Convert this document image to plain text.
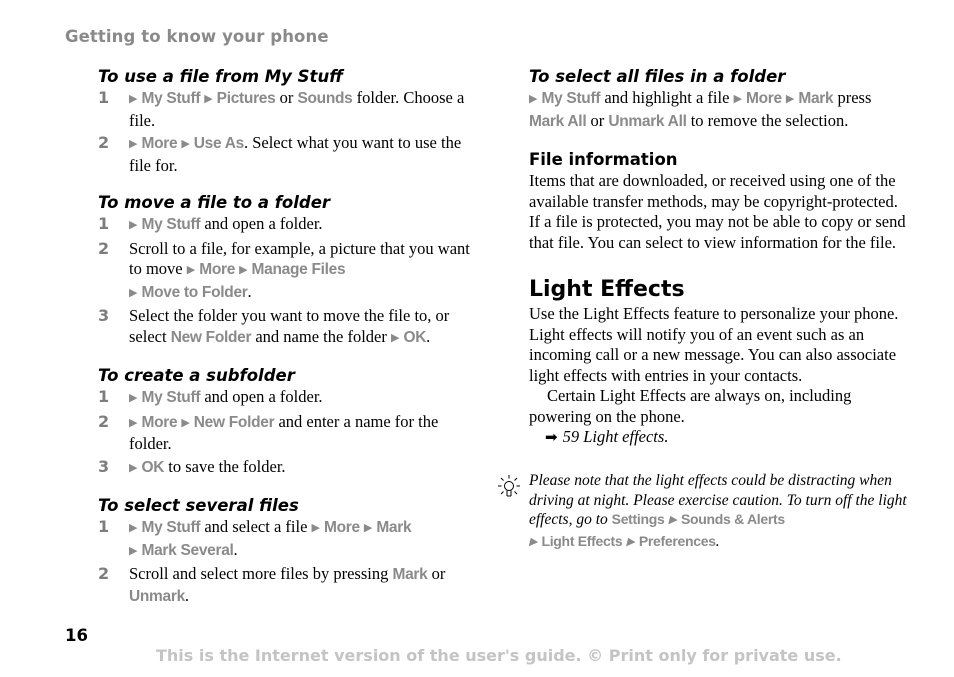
Getting to know your phone
To use a file from My Stuff
1	▶ My Stuff ▶ Pictures or Sounds folder. Choose a file.
2	▶ More ▶ Use As. Select what you want to use the file for.
To move a file to a folder
1	▶ My Stuff and open a folder.
2	Scroll to a file, for example, a picture that you want to move ▶ More ▶ Manage Files
▶ Move to Folder.
3	Select the folder you want to move the file to, or select New Folder and name the folder ▶ OK.
To create a subfolder
1	▶ My Stuff and open a folder.
2	▶ More ▶ New Folder and enter a name for the folder.
3	▶ OK to save the folder.
To select several files
1	▶ My Stuff and select a file ▶ More ▶ Mark
▶ Mark Several.
2	Scroll and select more files by pressing Mark or Unmark.
To select all files in a folder

▶ My Stuff and highlight a file ▶ More ▶ Mark press Mark All or Unmark All to remove the selection.

File information

Items that are downloaded, or received using one of the available transfer methods, may be copyright-protected. If a file is protected, you may not be able to copy or send that file. You can select to view information for the file.

Light Effects

Use the Light Effects feature to personalize your phone. Light effects will notify you of an event such as an incoming call or a new message. You can also associate light effects with entries in your contacts.

Certain Light Effects are always on, including powering on the phone.

➡ 59 Light effects.

Please note that the light effects could be distracting when driving at night. Please exercise caution. To turn off the light effects, go to Settings ▶ Sounds & Alerts
▶ Light Effects ▶ Preferences.
16
This is the Internet version of the user's guide. © Print only for private use.
